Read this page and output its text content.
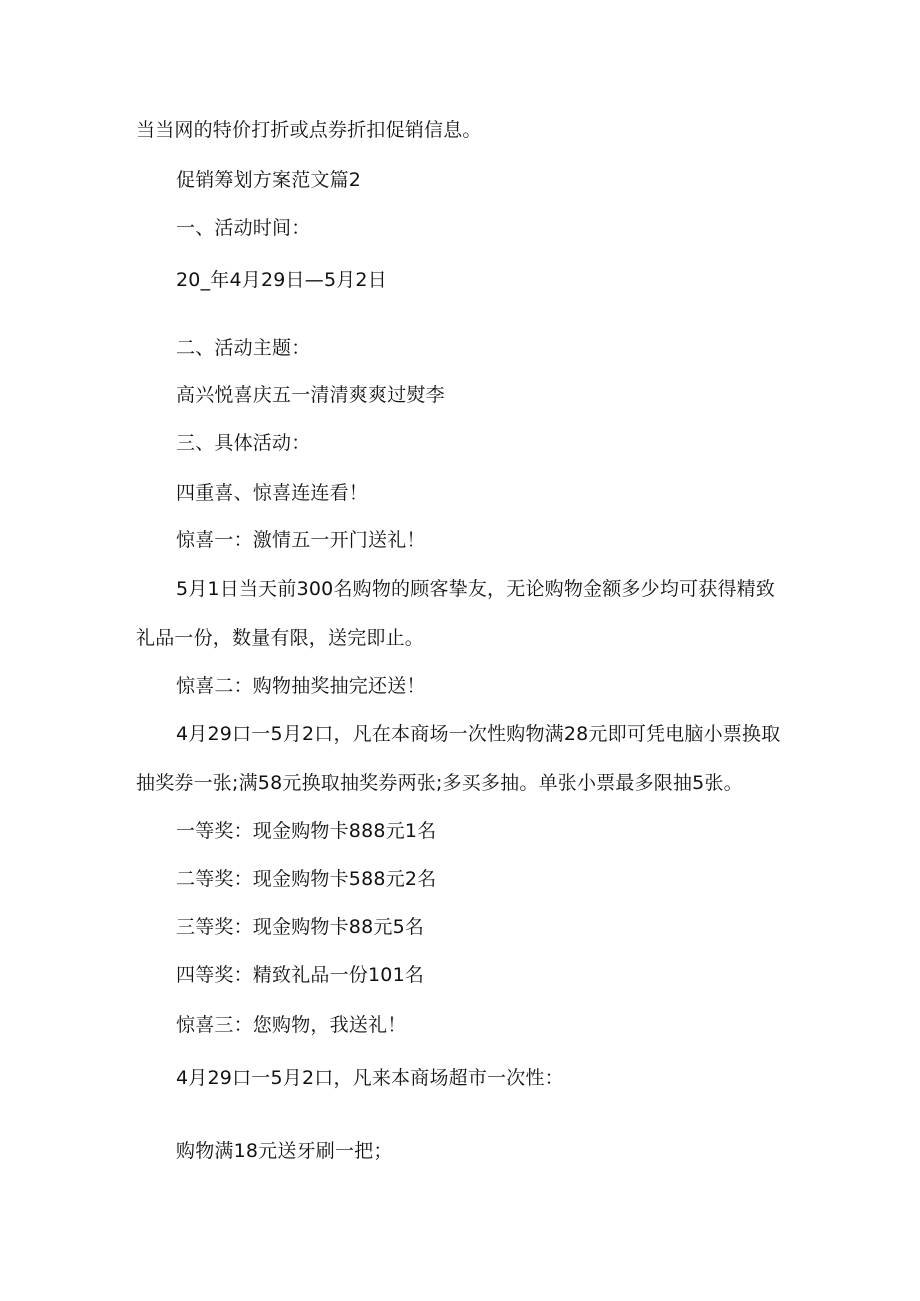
当当网的特价打折或点券折扣促销信息。
促销筹划方案范文篇2
一、活动时间：
20_年4月29日—5月2日
二、活动主题：
高兴悦喜庆五一清清爽爽过熨李
三、具体活动：
四重喜、惊喜连连看！
惊喜一：激情五一开门送礼！
5月1日当天前300名购物的顾客挚友，无论购物金额多少均可获得精致
礼品一份，数量有限，送完即止。
惊喜二：购物抽奖抽完还送！
4月29口一5月2口，凡在本商场一次性购物满28元即可凭电脑小票换取
抽奖券一张;满58元换取抽奖券两张;多买多抽。单张小票最多限抽5张。
一等奖：现金购物卡888元1名
二等奖：现金购物卡588元2名
三等奖：现金购物卡88元5名
四等奖：精致礼品一份101名
惊喜三：您购物，我送礼！
4月29口一5月2口，凡来本商场超市一次性：
购物满18元送牙刷一把；
